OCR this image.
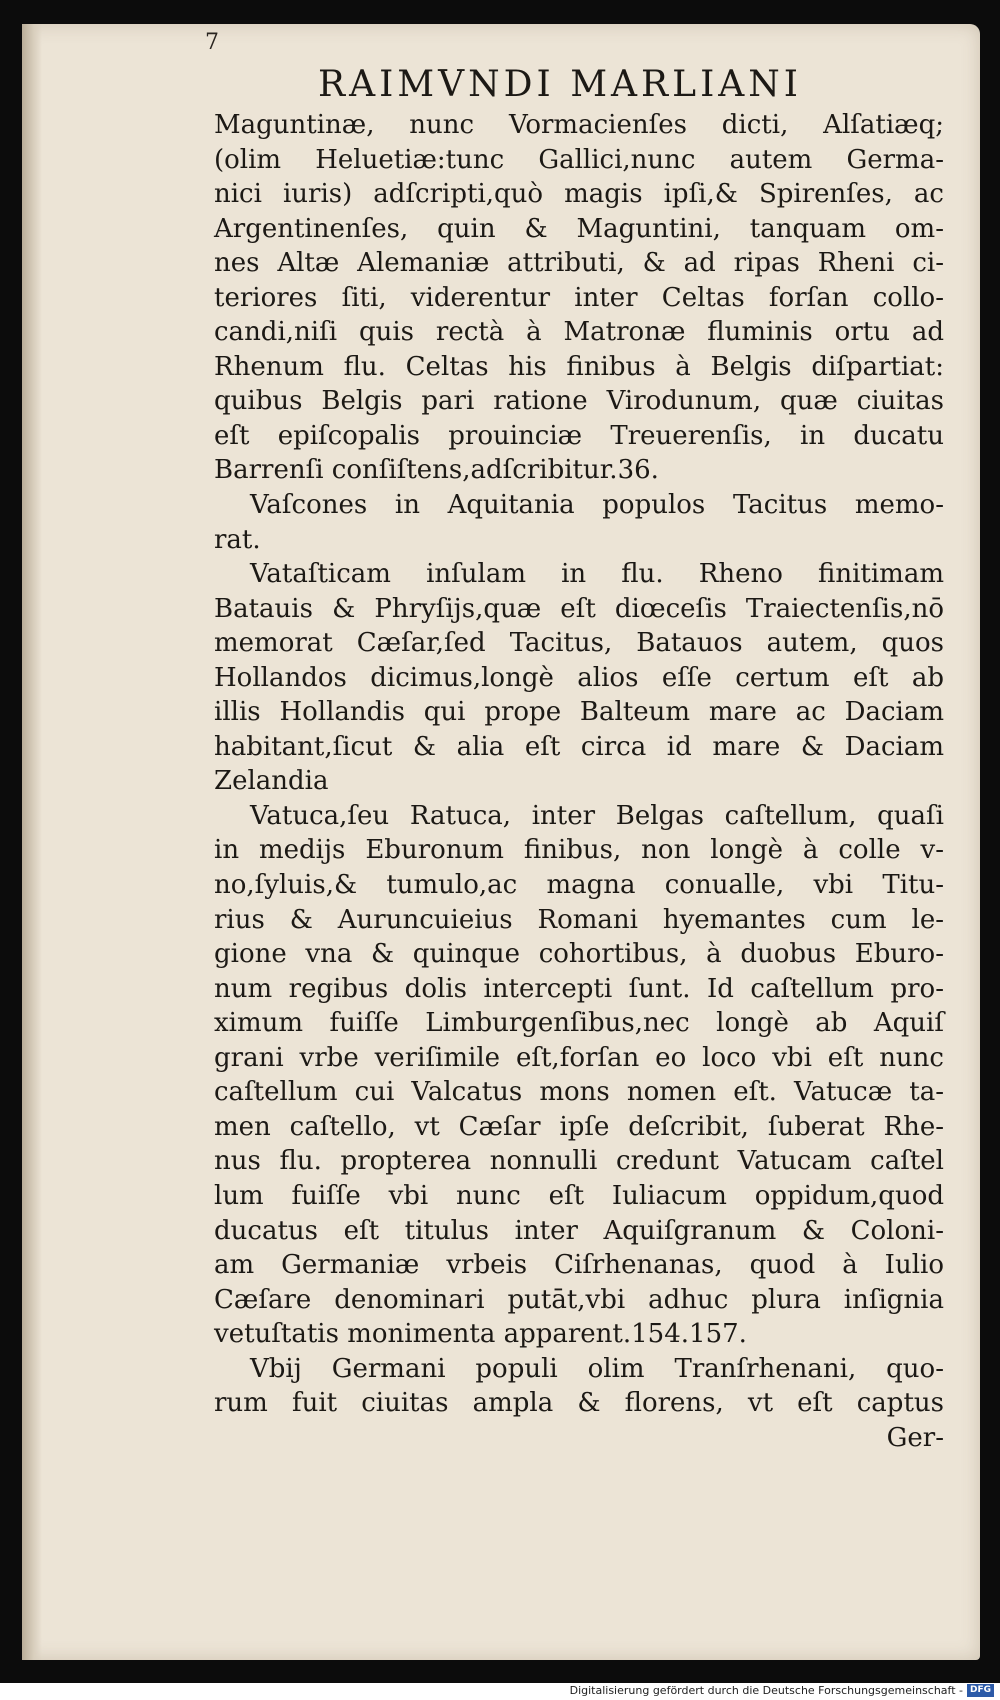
7
RAIMVNDI MARLIANI
Maguntinæ, nunc Vormacienſes dicti, Alſatiæq;
(olim Heluetiæ:tunc Gallici,nunc autem Germa-
nici iuris) adſcripti,quò magis ipſi,& Spirenſes, ac
Argentinenſes, quin & Maguntini, tanquam om-
nes Altæ Alemaniæ attributi, & ad ripas Rheni ci-
teriores ſiti, viderentur inter Celtas forſan collo-
candi,niſi quis rectà à Matronæ fluminis ortu ad
Rhenum flu. Celtas his finibus à Belgis diſpartiat:
quibus Belgis pari ratione Virodunum, quæ ciuitas
eſt epiſcopalis prouinciæ Treuerenſis, in ducatu
Barrenſi conſiſtens,adſcribitur.36.
Vaſcones in Aquitania populos Tacitus memo-
rat.
Vataſticam inſulam in flu. Rheno finitimam
Batauis & Phryſijs,quæ eſt diœceſis Traiectenſis,nō
memorat Cæſar,ſed Tacitus, Batauos autem, quos
Hollandos dicimus,longè alios eſſe certum eſt ab
illis Hollandis qui prope Balteum mare ac Daciam
habitant,ſicut & alia eſt circa id mare & Daciam
Zelandia
Vatuca,ſeu Ratuca, inter Belgas caſtellum, quaſi
in medijs Eburonum finibus, non longè à colle v-
no,ſyluis,& tumulo,ac magna conualle, vbi Titu-
rius & Auruncuieius Romani hyemantes cum le-
gione vna & quinque cohortibus, à duobus Eburo-
num regibus dolis intercepti ſunt. Id caſtellum pro-
ximum fuiſſe Limburgenſibus,nec longè ab Aquiſ
grani vrbe veriſimile eſt,forſan eo loco vbi eſt nunc
caſtellum cui Valcatus mons nomen eſt. Vatucæ ta-
men caſtello, vt Cæſar ipſe deſcribit, ſuberat Rhe-
nus flu. propterea nonnulli credunt Vatucam caſtel
lum fuiſſe vbi nunc eſt Iuliacum oppidum,quod
ducatus eſt titulus inter Aquiſgranum & Coloni-
am Germaniæ vrbeis Ciſrhenanas, quod à Iulio
Cæſare denominari putāt,vbi adhuc plura inſignia
vetuſtatis monimenta apparent.154.157.
Vbij Germani populi olim Tranſrhenani, quo-
rum fuit ciuitas ampla & florens, vt eſt captus
Ger-
Digitalisierung gefördert durch die Deutsche Forschungsgemeinschaft - DFG
